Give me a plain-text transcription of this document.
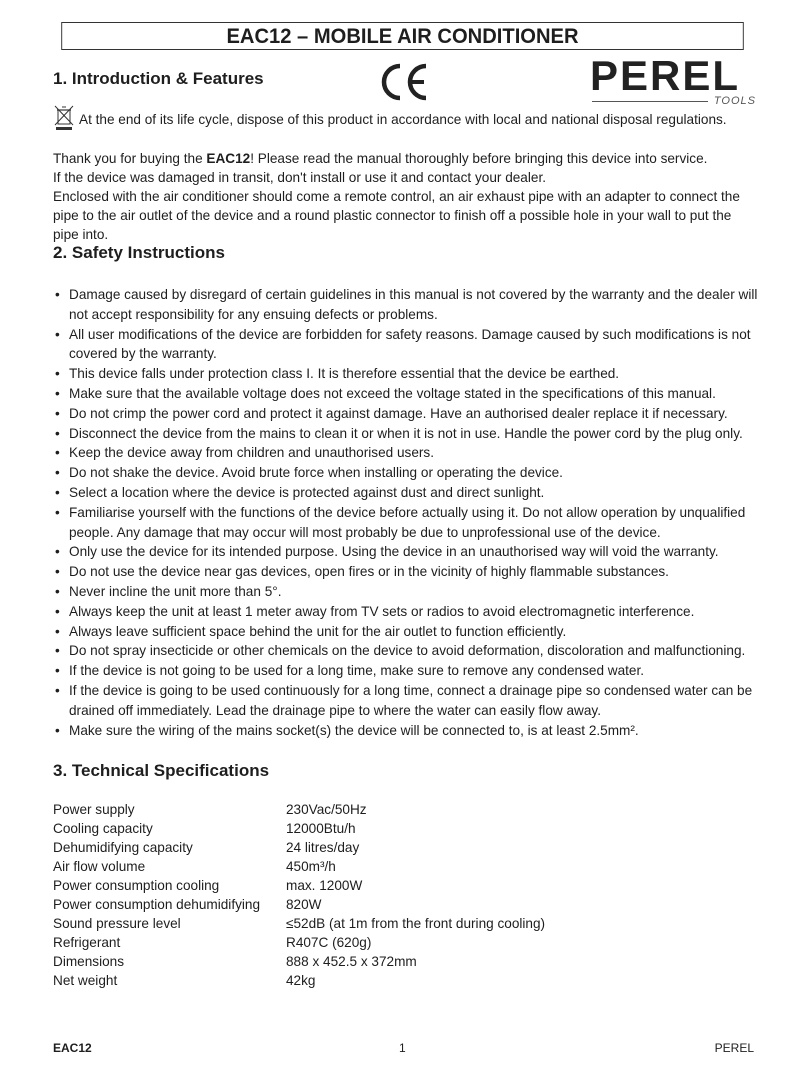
EAC12 – MOBILE AIR CONDITIONER
1. Introduction & Features	PEREL
TOOLS

At the end of its life cycle, dispose of this product in accordance with local and national disposal regulations.

Thank you for buying the EAC12! Please read the manual thoroughly before bringing this device into service.

If the device was damaged in transit, don't install or use it and contact your dealer.

Enclosed with the air conditioner should come a remote control, an air exhaust pipe with an adapter to connect the pipe to the air outlet of the device and a round plastic connector to finish off a possible hole in your wall to put the pipe into.

2. Safety Instructions
• Damage caused by disregard of certain guidelines in this manual is not covered by the warranty and the dealer will not accept responsibility for any ensuing defects or problems.
• All user modifications of the device are forbidden for safety reasons. Damage caused by such modifications is not covered by the warranty.
• This device falls under protection class I. It is therefore essential that the device be earthed.
• Make sure that the available voltage does not exceed the voltage stated in the specifications of this manual.
• Do not crimp the power cord and protect it against damage. Have an authorised dealer replace it if necessary.
• Disconnect the device from the mains to clean it or when it is not in use. Handle the power cord by the plug only.
• Keep the device away from children and unauthorised users.
• Do not shake the device. Avoid brute force when installing or operating the device.
• Select a location where the device is protected against dust and direct sunlight.
• Familiarise yourself with the functions of the device before actually using it. Do not allow operation by unqualified people. Any damage that may occur will most probably be due to unprofessional use of the device.
• Only use the device for its intended purpose. Using the device in an unauthorised way will void the warranty.
• Do not use the device near gas devices, open fires or in the vicinity of highly flammable substances.
• Never incline the unit more than 5°.
• Always keep the unit at least 1 meter away from TV sets or radios to avoid electromagnetic interference.
• Always leave sufficient space behind the unit for the air outlet to function efficiently.
• Do not spray insecticide or other chemicals on the device to avoid deformation, discoloration and malfunctioning.
• If the device is not going to be used for a long time, make sure to remove any condensed water.
• If the device is going to be used continuously for a long time, connect a drainage pipe so condensed water can be drained off immediately. Lead the drainage pipe to where the water can easily flow away.
• Make sure the wiring of the mains socket(s) the device will be connected to, is at least 2.5mm².
3. Technical Specifications
Power supply	230Vac/50Hz
Cooling capacity	12000Btu/h
Dehumidifying capacity	24 litres/day
Air flow volume	450m³/h
Power consumption cooling	max. 1200W
Power consumption dehumidifying	820W
Sound pressure level	≤52dB (at 1m from the front during cooling)
Refrigerant	R407C (620g)
Dimensions	888 x 452.5 x 372mm
Net weight	42kg
EAC12	1	PEREL
